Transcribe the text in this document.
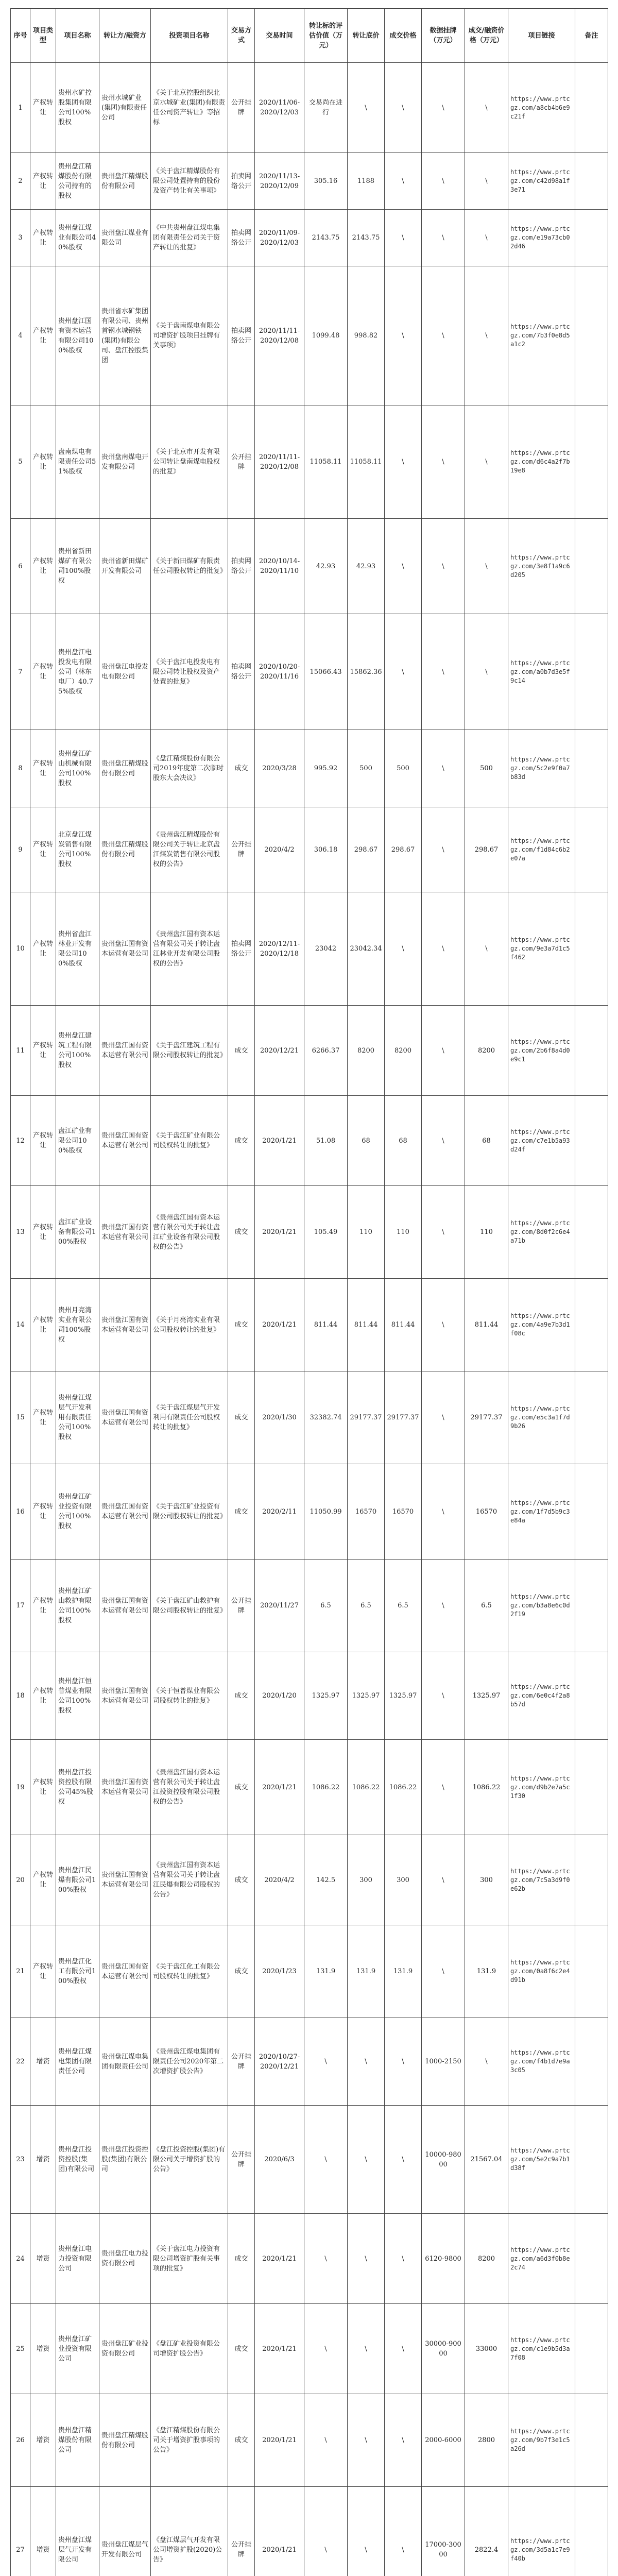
序号	项目类型	项目名称	转让方/融资方	投资项目名称	交易方式	交易时间	转让标的评估价值（万元）	转让底价	成交价格	数据挂牌（万元）	成交/融资价格（万元）	项目链接	备注
1	产权转让	贵州水矿控股集团有限公司100%股权	贵州水城矿业(集团)有限责任公司	《关于北京控股组织北京水城矿业(集团)有限责任公司资产转让》等招标	公开挂牌	2020/11/06-2020/12/03	交易尚在进行	\	\	\	\	https://www.prtcgz.com/a8cb4b6e9c21f	
2	产权转让	贵州盘江精煤股份有限公司持有的股权	贵州盘江精煤股份有限公司	《关于盘江精煤股份有限公司处置持有的股份及资产转让有关事项》	拍卖网络公开	2020/11/13-2020/12/09	305.16	1188	\	\	\	https://www.prtcgz.com/c42d98a1f3e71	
3	产权转让	贵州盘江煤业有限公司40%股权	贵州盘江煤业有限公司	《中共贵州盘江煤电集团有限责任公司关于资产转让的批复》	拍卖网络公开	2020/11/09-2020/12/03	2143.75	2143.75	\	\	\	https://www.prtcgz.com/e19a73cb02d46	
4	产权转让	贵州盘江国有资本运营有限公司100%股权	贵州省水矿集团有限公司、贵州首钢水城钢铁(集团)有限公司、盘江控股集团	《关于盘南煤电有限公司增资扩股项目挂牌有关事项》	拍卖网络公开	2020/11/11-2020/12/08	1099.48	998.82	\	\	\	https://www.prtcgz.com/7b3f0e8d5a1c2	
5	产权转让	盘南煤电有限责任公司51%股权	贵州盘南煤电开发有限公司	《关于北京市开发有限公司转让盘南煤电股权的批复》	公开挂牌	2020/11/11-2020/12/08	11058.11	11058.11	\	\	\	https://www.prtcgz.com/d6c4a2f7b19e8	
6	产权转让	贵州省新田煤矿有限公司100%股权	贵州省新田煤矿开发有限公司	《关于新田煤矿有限责任公司股权转让的批复》	拍卖网络公开	2020/10/14-2020/11/10	42.93	42.93	\	\	\	https://www.prtcgz.com/3e8f1a9c6d205	
7	产权转让	贵州盘江电投发电有限公司（林东电厂）40.75%股权	贵州盘江电投发电有限公司	《关于盘江电投发电有限公司转让股权及资产处置的批复》	拍卖网络公开	2020/10/20-2020/11/16	15066.43	15862.36	\	\	\	https://www.prtcgz.com/a0b7d3e5f9c14	
8	产权转让	贵州盘江矿山机械有限公司100%股权	贵州盘江精煤股份有限公司	《盘江精煤股份有限公司2019年度第二次临时股东大会决议》	成交	2020/3/28	995.92	500	500	\	500	https://www.prtcgz.com/5c2e9f0a7b83d	
9	产权转让	北京盘江煤炭销售有限公司100%股权	贵州盘江精煤股份有限公司	《贵州盘江精煤股份有限公司关于转让北京盘江煤炭销售有限公司股权的公告》	公开挂牌	2020/4/2	306.18	298.67	298.67	\	298.67	https://www.prtcgz.com/f1d84c6b2e07a	
10	产权转让	贵州省盘江林业开发有限公司100%股权	贵州盘江国有资本运营有限公司	《贵州盘江国有资本运营有限公司关于转让盘江林业开发有限公司股权的公告》	拍卖网络公开	2020/12/11-2020/12/18	23042	23042.34	\	\	\	https://www.prtcgz.com/9e3a7d1c5f462	
11	产权转让	贵州盘江建筑工程有限公司100%股权	贵州盘江国有资本运营有限公司	《关于盘江建筑工程有限公司股权转让的批复》	成交	2020/12/21	6266.37	8200	8200	\	8200	https://www.prtcgz.com/2b6f8a4d0e9c1	
12	产权转让	盘江矿业有限公司100%股权	贵州盘江国有资本运营有限公司	《关于盘江矿业有限公司股权转让的批复》	成交	2020/1/21	51.08	68	68	\	68	https://www.prtcgz.com/c7e1b5a93d24f	
13	产权转让	盘江矿业设备有限公司100%股权	贵州盘江国有资本运营有限公司	《贵州盘江国有资本运营有限公司关于转让盘江矿业设备有限公司股权的公告》	成交	2020/1/21	105.49	110	110	\	110	https://www.prtcgz.com/8d0f2c6e4a71b	
14	产权转让	贵州月亮湾实业有限公司100%股权	贵州盘江国有资本运营有限公司	《关于月亮湾实业有限公司股权转让的批复》	成交	2020/1/21	811.44	811.44	811.44	\	811.44	https://www.prtcgz.com/4a9e7b3d1f08c	
15	产权转让	贵州盘江煤层气开发利用有限责任公司100%股权	贵州盘江国有资本运营有限公司	《关于盘江煤层气开发利用有限责任公司股权转让的批复》	成交	2020/1/30	32382.74	29177.37	29177.37	\	29177.37	https://www.prtcgz.com/e5c3a1f7d9b26	
16	产权转让	贵州盘江矿业投资有限公司100%股权	贵州盘江国有资本运营有限公司	《关于盘江矿业投资有限公司股权转让的批复》	成交	2020/2/11	11050.99	16570	16570	\	16570	https://www.prtcgz.com/1f7d5b9c3e84a	
17	产权转让	贵州盘江矿山救护有限公司100%股权	贵州盘江国有资本运营有限公司	《关于盘江矿山救护有限公司股权转让的批复》	公开挂牌	2020/11/27	6.5	6.5	6.5	\	6.5	https://www.prtcgz.com/b3a8e6c0d2f19	
18	产权转让	贵州盘江恒普煤业有限公司100%股权	贵州盘江国有资本运营有限公司	《关于恒普煤业有限公司股权转让的批复》	成交	2020/1/20	1325.97	1325.97	1325.97	\	1325.97	https://www.prtcgz.com/6e0c4f2a8b57d	
19	产权转让	贵州盘江投资控股有限公司45%股权	贵州盘江国有资本运营有限公司	《贵州盘江国有资本运营有限公司关于转让盘江投资控股有限公司股权的公告》	成交	2020/1/21	1086.22	1086.22	1086.22	\	1086.22	https://www.prtcgz.com/d9b2e7a5c1f30	
20	产权转让	贵州盘江民爆有限公司100%股权	贵州盘江国有资本运营有限公司	《贵州盘江国有资本运营有限公司关于转让盘江民爆有限公司股权的公告》	成交	2020/4/2	142.5	300	300	\	300	https://www.prtcgz.com/7c5a3d9f0e62b	
21	产权转让	贵州盘江化工有限公司100%股权	贵州盘江国有资本运营有限公司	《关于盘江化工有限公司股权转让的批复》	成交	2020/1/23	131.9	131.9	131.9	\	131.9	https://www.prtcgz.com/0a8f6c2e4d91b	
22	增资	贵州盘江煤电集团有限责任公司	贵州盘江煤电集团有限责任公司	《贵州盘江煤电集团有限责任公司2020年第二次增资扩股公告》	公开挂牌	2020/10/27-2020/12/21	\	\	\	1000-2150	\	https://www.prtcgz.com/f4b1d7e9a3c05	
23	增资	贵州盘江投资控股(集团)有限公司	贵州盘江投资控股(集团)有限公司	《盘江投资控股(集团)有限公司关于增资扩股的公告》	公开挂牌	2020/6/3	\	\	\	10000-98000	21567.04	https://www.prtcgz.com/5e2c9a7b1d38f	
24	增资	贵州盘江电力投资有限公司	贵州盘江电力投资有限公司	《关于盘江电力投资有限公司增资扩股有关事项的批复》	成交	2020/1/21	\	\	\	6120-9800	8200	https://www.prtcgz.com/a6d3f0b8e2c74	
25	增资	贵州盘江矿业投资有限公司	贵州盘江矿业投资有限公司	《盘江矿业投资有限公司增资扩股公告》	成交	2020/1/21	\	\	\	30000-90000	33000	https://www.prtcgz.com/c1e9b5d3a7f08	
26	增资	贵州盘江精煤股份有限公司	贵州盘江精煤股份有限公司	《盘江精煤股份有限公司关于增资扩股事项的公告》	成交	2020/1/21	\	\	\	2000-6000	2800	https://www.prtcgz.com/9b7f3e1c5a26d	
27	增资	贵州盘江煤层气开发有限公司	贵州盘江煤层气开发有限公司	《盘江煤层气开发有限公司增资扩股(2020)公告》	公开挂牌	2020/1/21	\	\	\	17000-30000	2822.4	https://www.prtcgz.com/3d5a1c7e9f40b	
